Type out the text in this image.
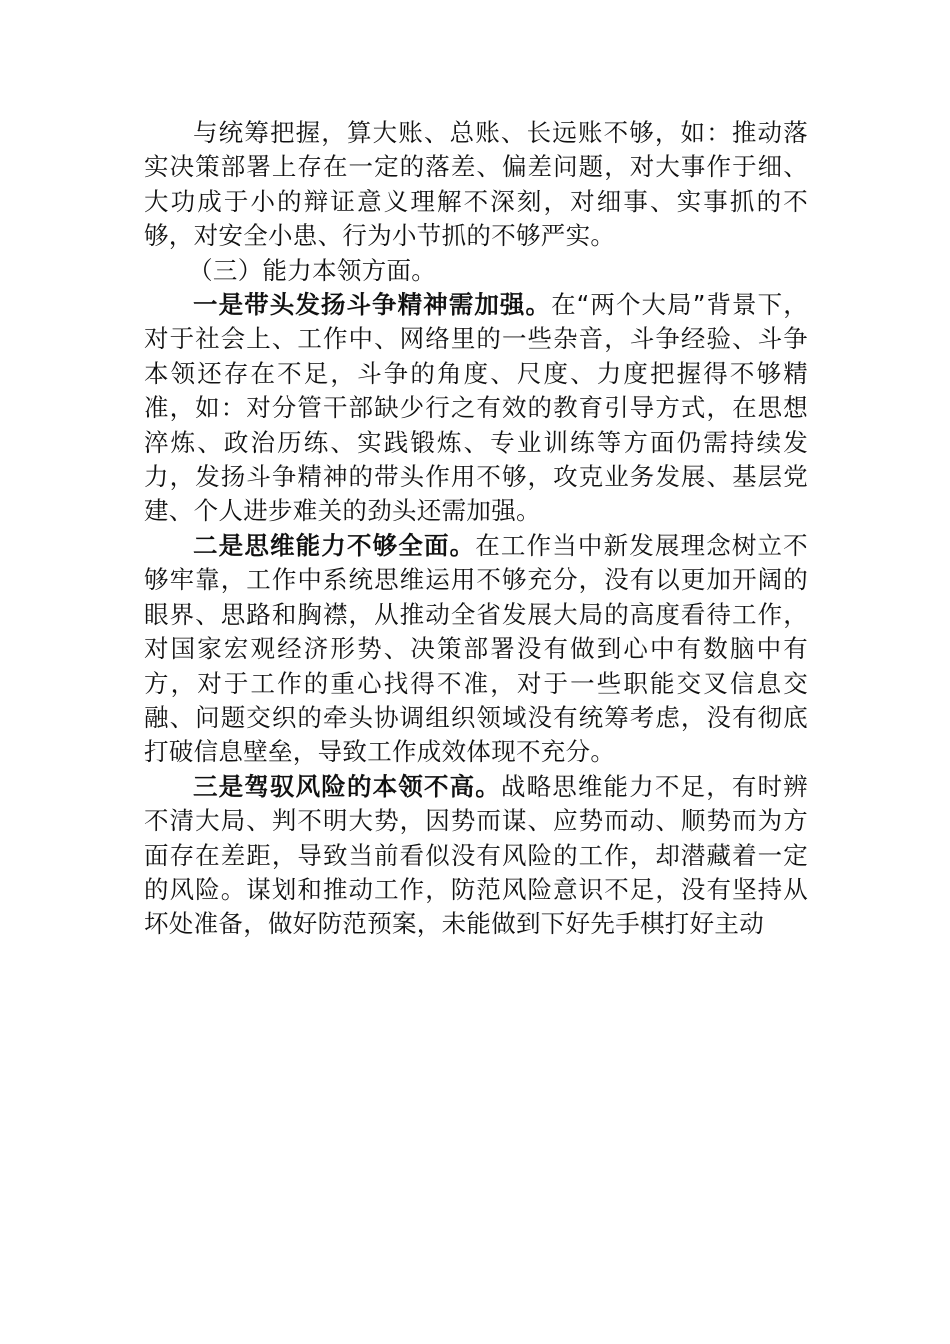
与统筹把握，算大账、总账、长远账不够，如：推动落实决策部署上存在一定的落差、偏差问题，对大事作于细、大功成于小的辩证意义理解不深刻，对细事、实事抓的不够，对安全小患、行为小节抓的不够严实。

（三）能力本领方面。

一是带头发扬斗争精神需加强。在“两个大局”背景下，对于社会上、工作中、网络里的一些杂音，斗争经验、斗争本领还存在不足，斗争的角度、尺度、力度把握得不够精准，如：对分管干部缺少行之有效的教育引导方式，在思想淬炼、政治历练、实践锻炼、专业训练等方面仍需持续发力，发扬斗争精神的带头作用不够，攻克业务发展、基层党建、个人进步难关的劲头还需加强。

二是思维能力不够全面。在工作当中新发展理念树立不够牢靠，工作中系统思维运用不够充分，没有以更加开阔的眼界、思路和胸襟，从推动全省发展大局的高度看待工作，对国家宏观经济形势、决策部署没有做到心中有数脑中有方，对于工作的重心找得不准，对于一些职能交叉信息交融、问题交织的牵头协调组织领域没有统筹考虑，没有彻底打破信息壁垒，导致工作成效体现不充分。

三是驾驭风险的本领不高。战略思维能力不足，有时辨不清大局、判不明大势，因势而谋、应势而动、顺势而为方面存在差距，导致当前看似没有风险的工作，却潜藏着一定的风险。谋划和推动工作，防范风险意识不足，没有坚持从坏处准备，做好防范预案，未能做到下好先手棋打好主动
